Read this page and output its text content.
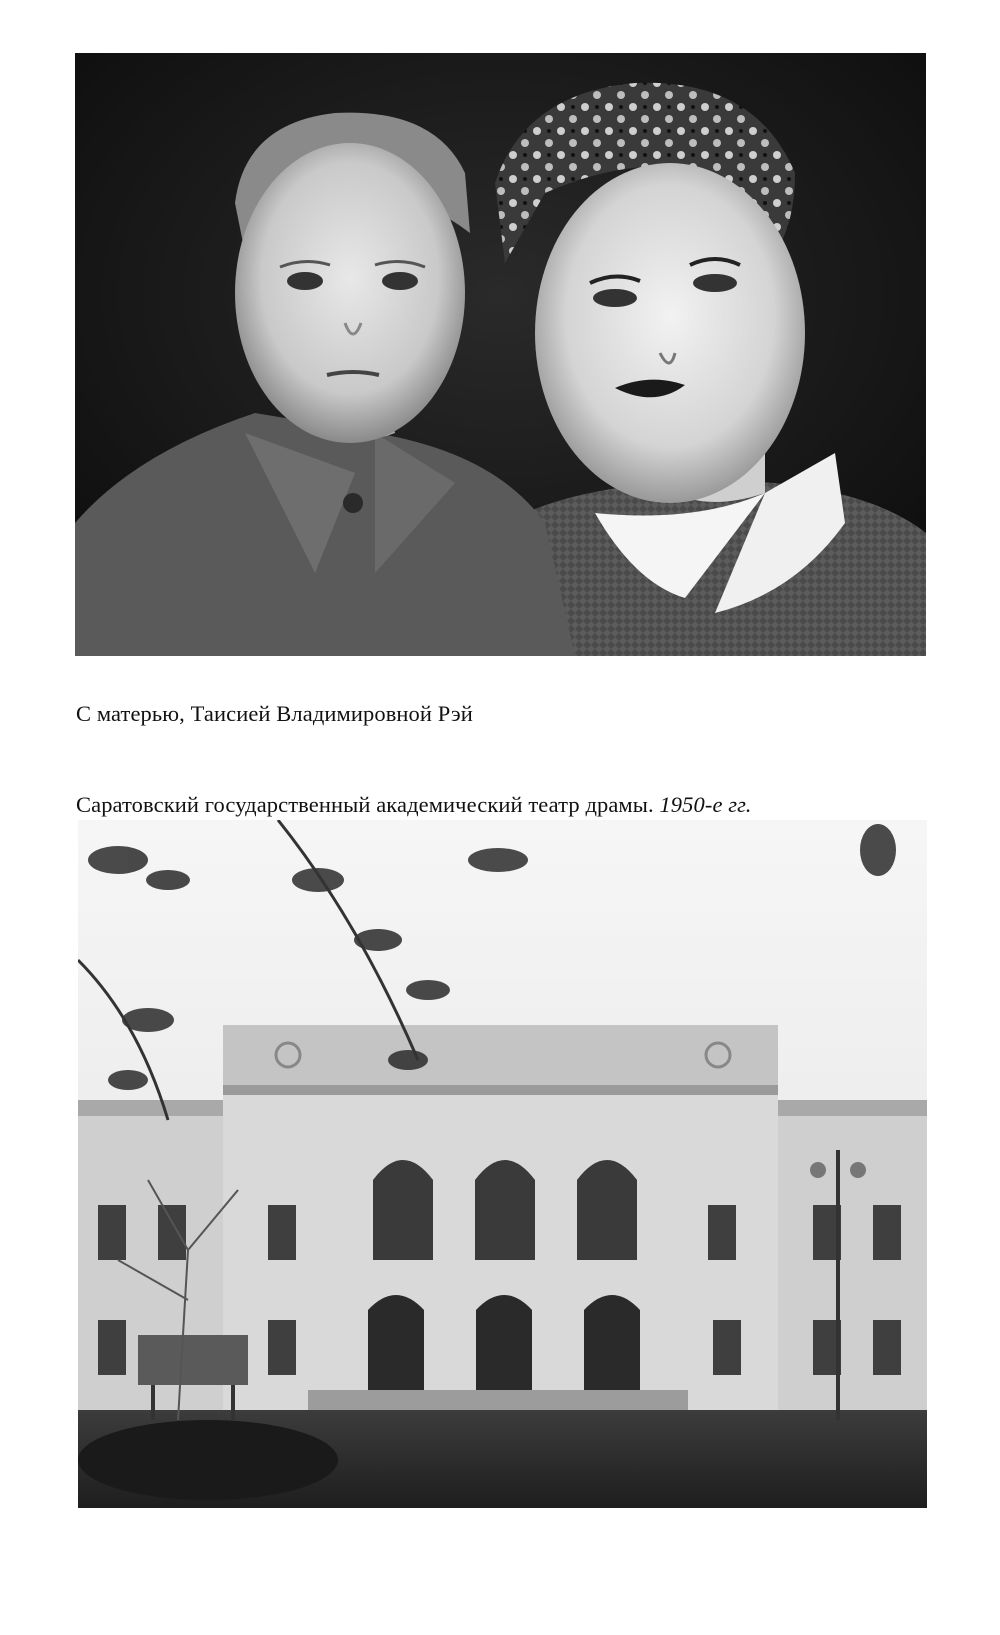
С матерью, Таисией Владимировной Рэй

Саратовский государственный академический театр драмы. 1950-е гг.
